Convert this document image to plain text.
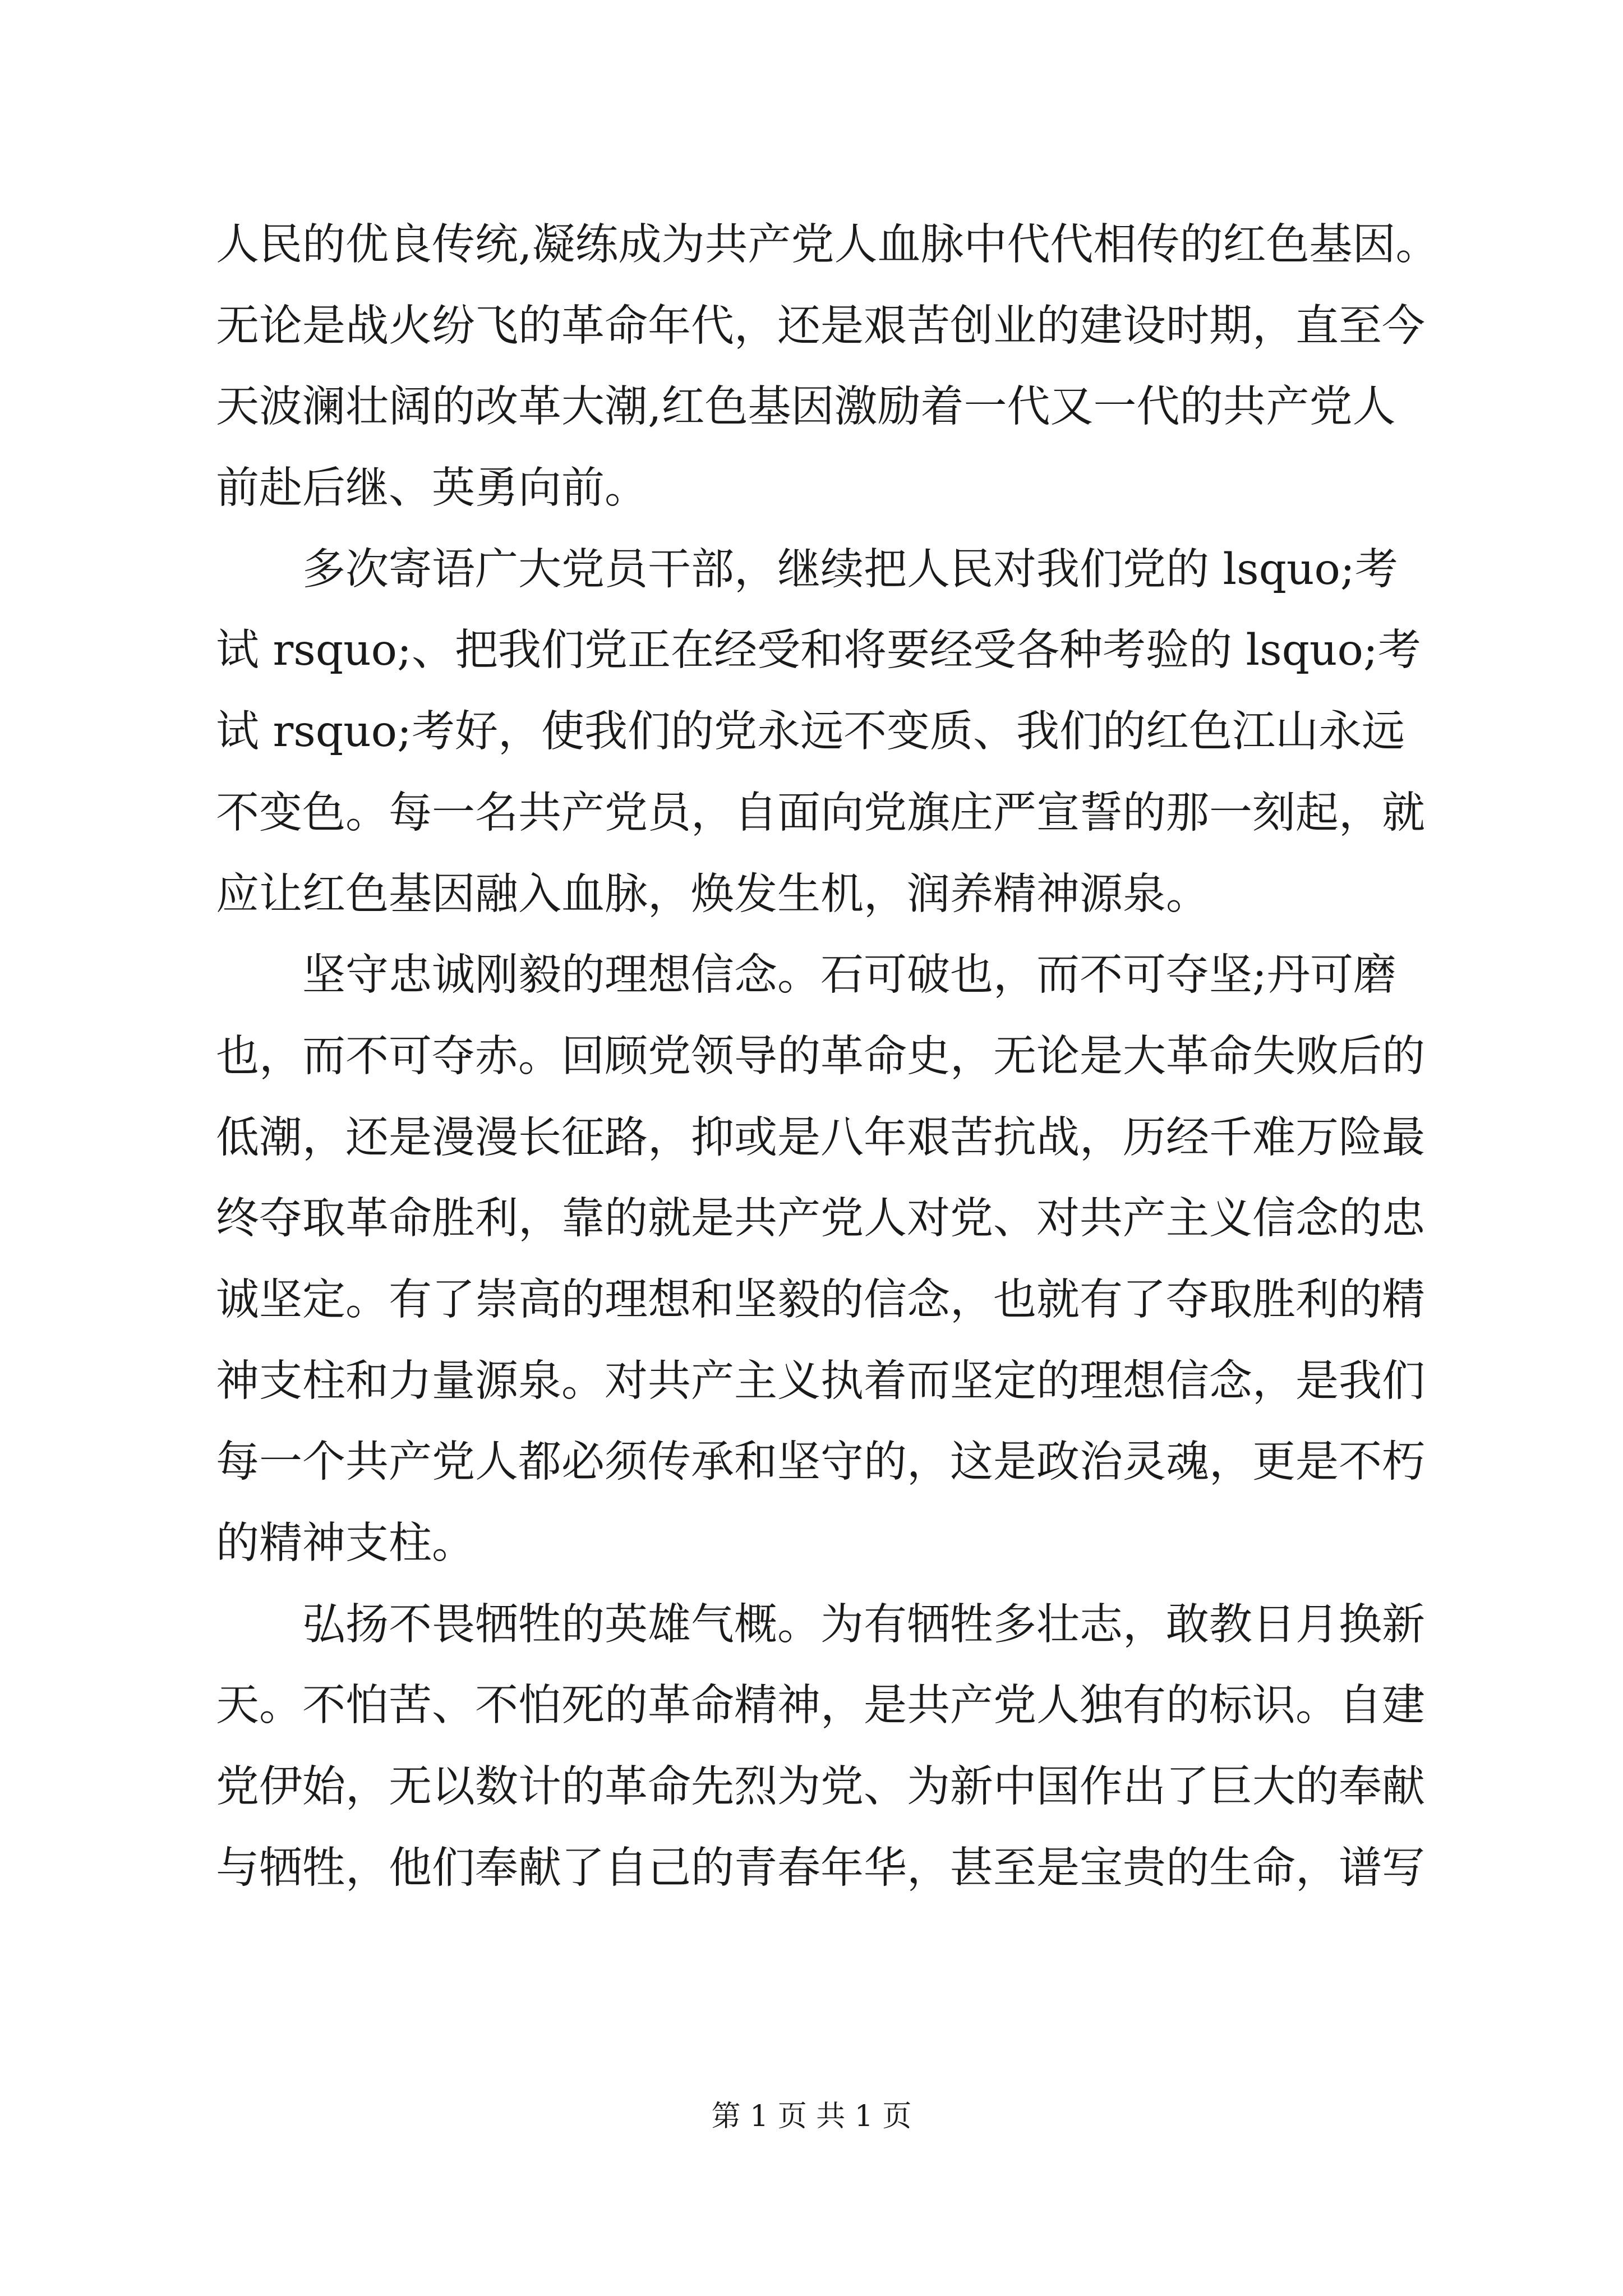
人民的优良传统,凝练成为共产党人血脉中代代相传的红色基因。
无论是战火纷飞的革命年代，还是艰苦创业的建设时期，直至今
天波澜壮阔的改革大潮,红色基因激励着一代又一代的共产党人
前赴后继、英勇向前。
多次寄语广大党员干部，继续把人民对我们党的 lsquo;考
试 rsquo;、把我们党正在经受和将要经受各种考验的 lsquo;考
试 rsquo;考好，使我们的党永远不变质、我们的红色江山永远
不变色。每一名共产党员，自面向党旗庄严宣誓的那一刻起，就
应让红色基因融入血脉，焕发生机，润养精神源泉。
坚守忠诚刚毅的理想信念。石可破也，而不可夺坚;丹可磨
也，而不可夺赤。回顾党领导的革命史，无论是大革命失败后的
低潮，还是漫漫长征路，抑或是八年艰苦抗战，历经千难万险最
终夺取革命胜利，靠的就是共产党人对党、对共产主义信念的忠
诚坚定。有了崇高的理想和坚毅的信念，也就有了夺取胜利的精
神支柱和力量源泉。对共产主义执着而坚定的理想信念，是我们
每一个共产党人都必须传承和坚守的，这是政治灵魂，更是不朽
的精神支柱。
弘扬不畏牺牲的英雄气概。为有牺牲多壮志，敢教日月换新
天。不怕苦、不怕死的革命精神，是共产党人独有的标识。自建
党伊始，无以数计的革命先烈为党、为新中国作出了巨大的奉献
与牺牲，他们奉献了自己的青春年华，甚至是宝贵的生命，谱写
第 1 页 共 1 页
